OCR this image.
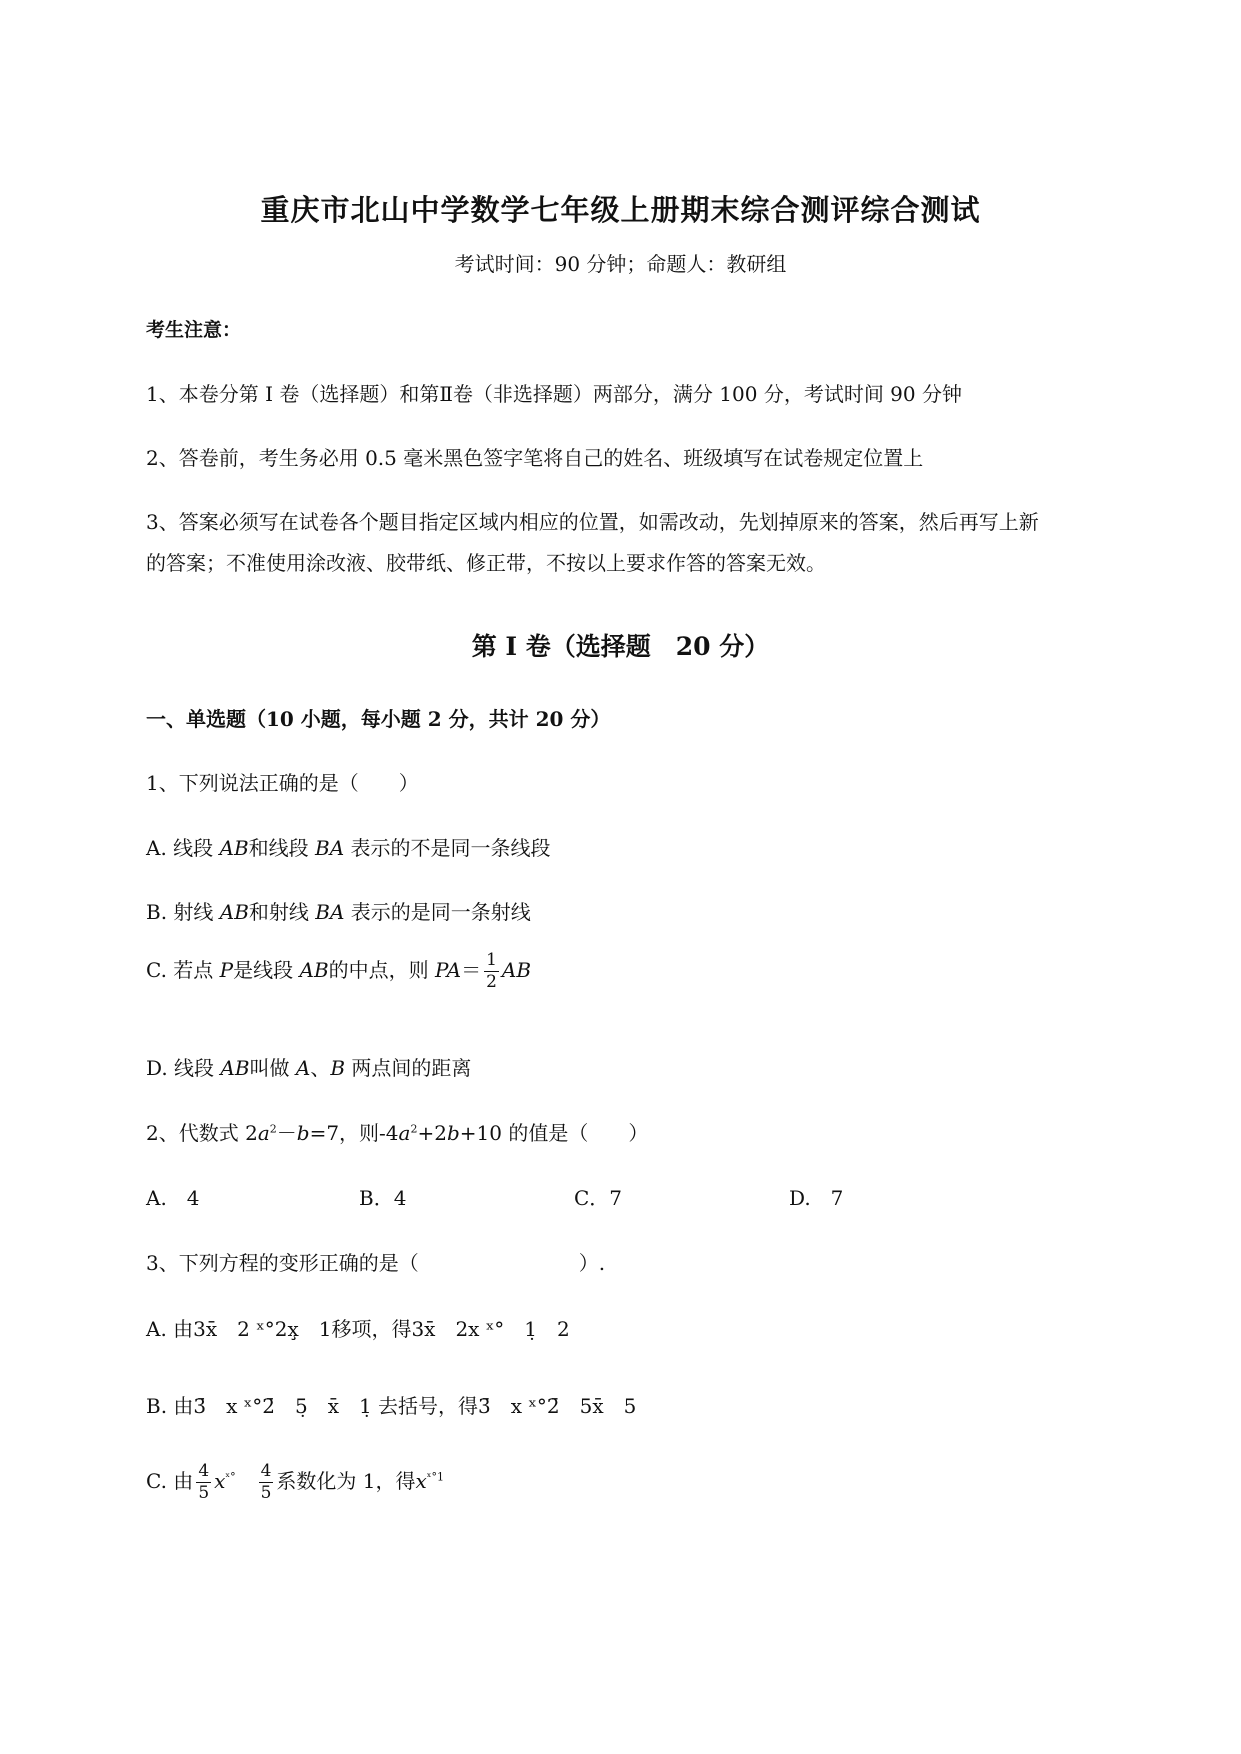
重庆市北山中学数学七年级上册期末综合测评综合测试
考试时间：90 分钟；命题人：教研组
考生注意：
1、本卷分第 I 卷（选择题）和第Ⅱ卷（非选择题）两部分，满分 100 分，考试时间 90 分钟
2、答卷前，考生务必用 0.5 毫米黑色签字笔将自己的姓名、班级填写在试卷规定位置上
3、答案必须写在试卷各个题目指定区域内相应的位置，如需改动，先划掉原来的答案，然后再写上新
的答案；不准使用涂改液、胶带纸、修正带，不按以上要求作答的答案无效。
第 I 卷（选择题　20 分）
一、单选题（10 小题，每小题 2 分，共计 20 分）
1、下列说法正确的是（　　）
A. 线段 AB和线段 BA 表示的不是同一条线段
B. 射线 AB和射线 BA 表示的是同一条射线
C. 若点 P是线段 AB的中点，则 $PA= \frac{1}{2}$ AB
D. 线段 AB叫做 A、B 两点间的距离
2、代数式 $2a^2-b=7$，则$-4a^2+2b+10$ 的值是（　　）
A.　4	B．4	C．7	D.　7
3、下列方程的变形正确的是（　　　　　　　　）.
A. 由3x̄　2 ˣ°2x̧　1移项，得3x̄　2x ˣ°　1̣　2
B. 由3̄　x ˣ°2̄　5̣　x̄　1̣ 去括号，得3̄　x ˣ°2̄　5x̄　5
C. 由 $\frac{4}{5} x^{ˣ^\circ}$  $\frac{4}{5}$ 系数化为 1，得$x^{ˣ^\circ 1}$
